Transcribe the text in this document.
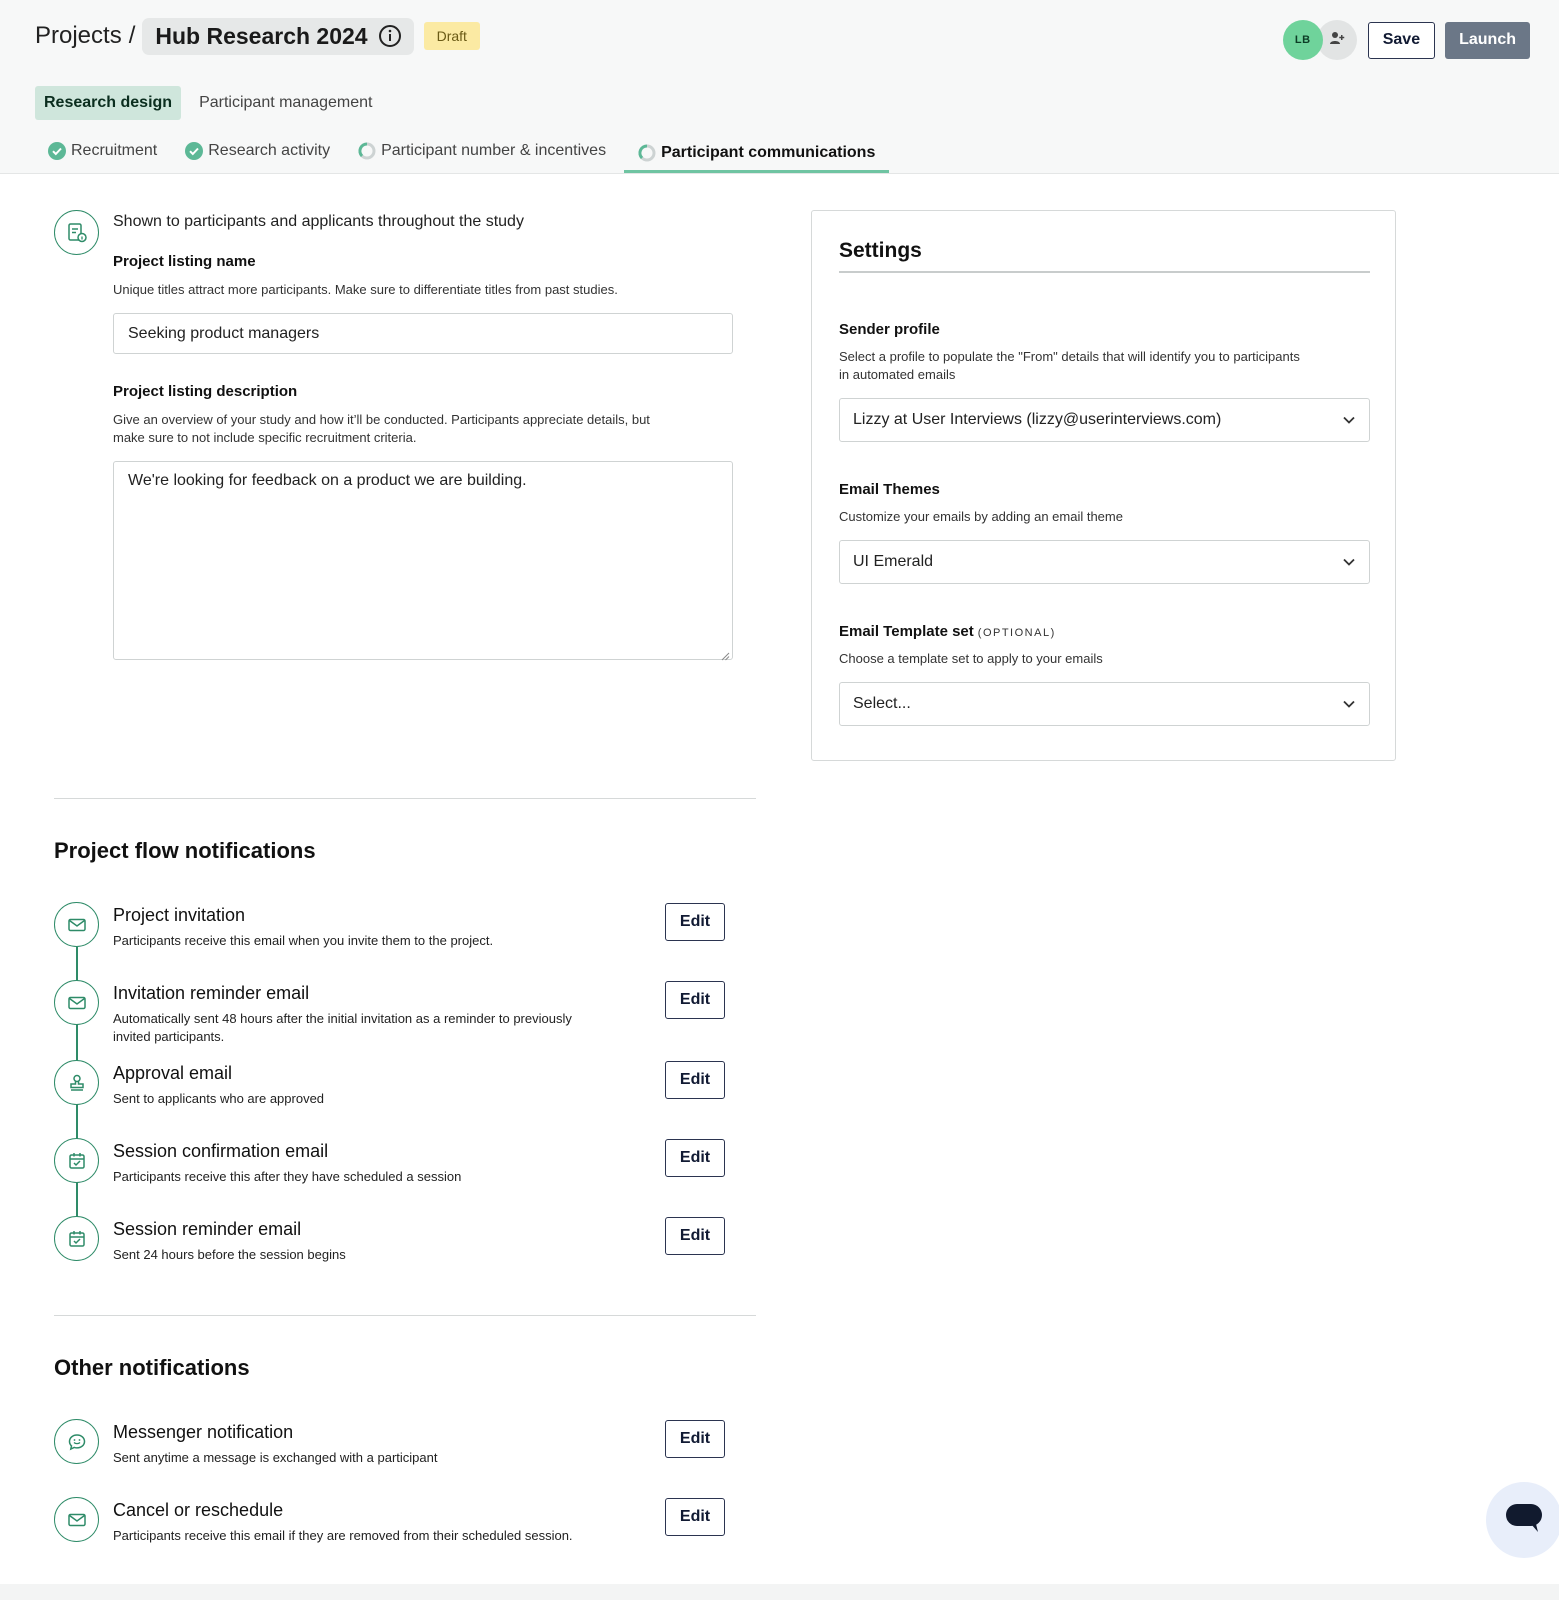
Projects / Hub Research 2024	Draft	LB	Save	Launch
Research design	Participant management
Recruitment	Research activity	Participant number & incentives	Participant communications
Shown to participants and applicants throughout the study
Project listing name
Unique titles attract more participants. Make sure to differentiate titles from past studies.
Seeking product managers
Project listing description
Give an overview of your study and how it’ll be conducted. Participants appreciate details, but
make sure to not include specific recruitment criteria.
We're looking for feedback on a product we are building.
Settings
Sender profile
Select a profile to populate the "From" details that will identify you to participants
in automated emails
Lizzy at User Interviews (lizzy@userinterviews.com)
Email Themes
Customize your emails by adding an email theme
UI Emerald
Email Template set (OPTIONAL)
Choose a template set to apply to your emails
Select...
Project flow notifications
Project invitation
Participants receive this email when you invite them to the project.
Edit
Invitation reminder email
Automatically sent 48 hours after the initial invitation as a reminder to previously invited participants.
Edit
Approval email
Sent to applicants who are approved
Edit
Session confirmation email
Participants receive this after they have scheduled a session
Edit
Session reminder email
Sent 24 hours before the session begins
Edit
Other notifications
Messenger notification
Sent anytime a message is exchanged with a participant
Edit
Cancel or reschedule
Participants receive this email if they are removed from their scheduled session.
Edit
